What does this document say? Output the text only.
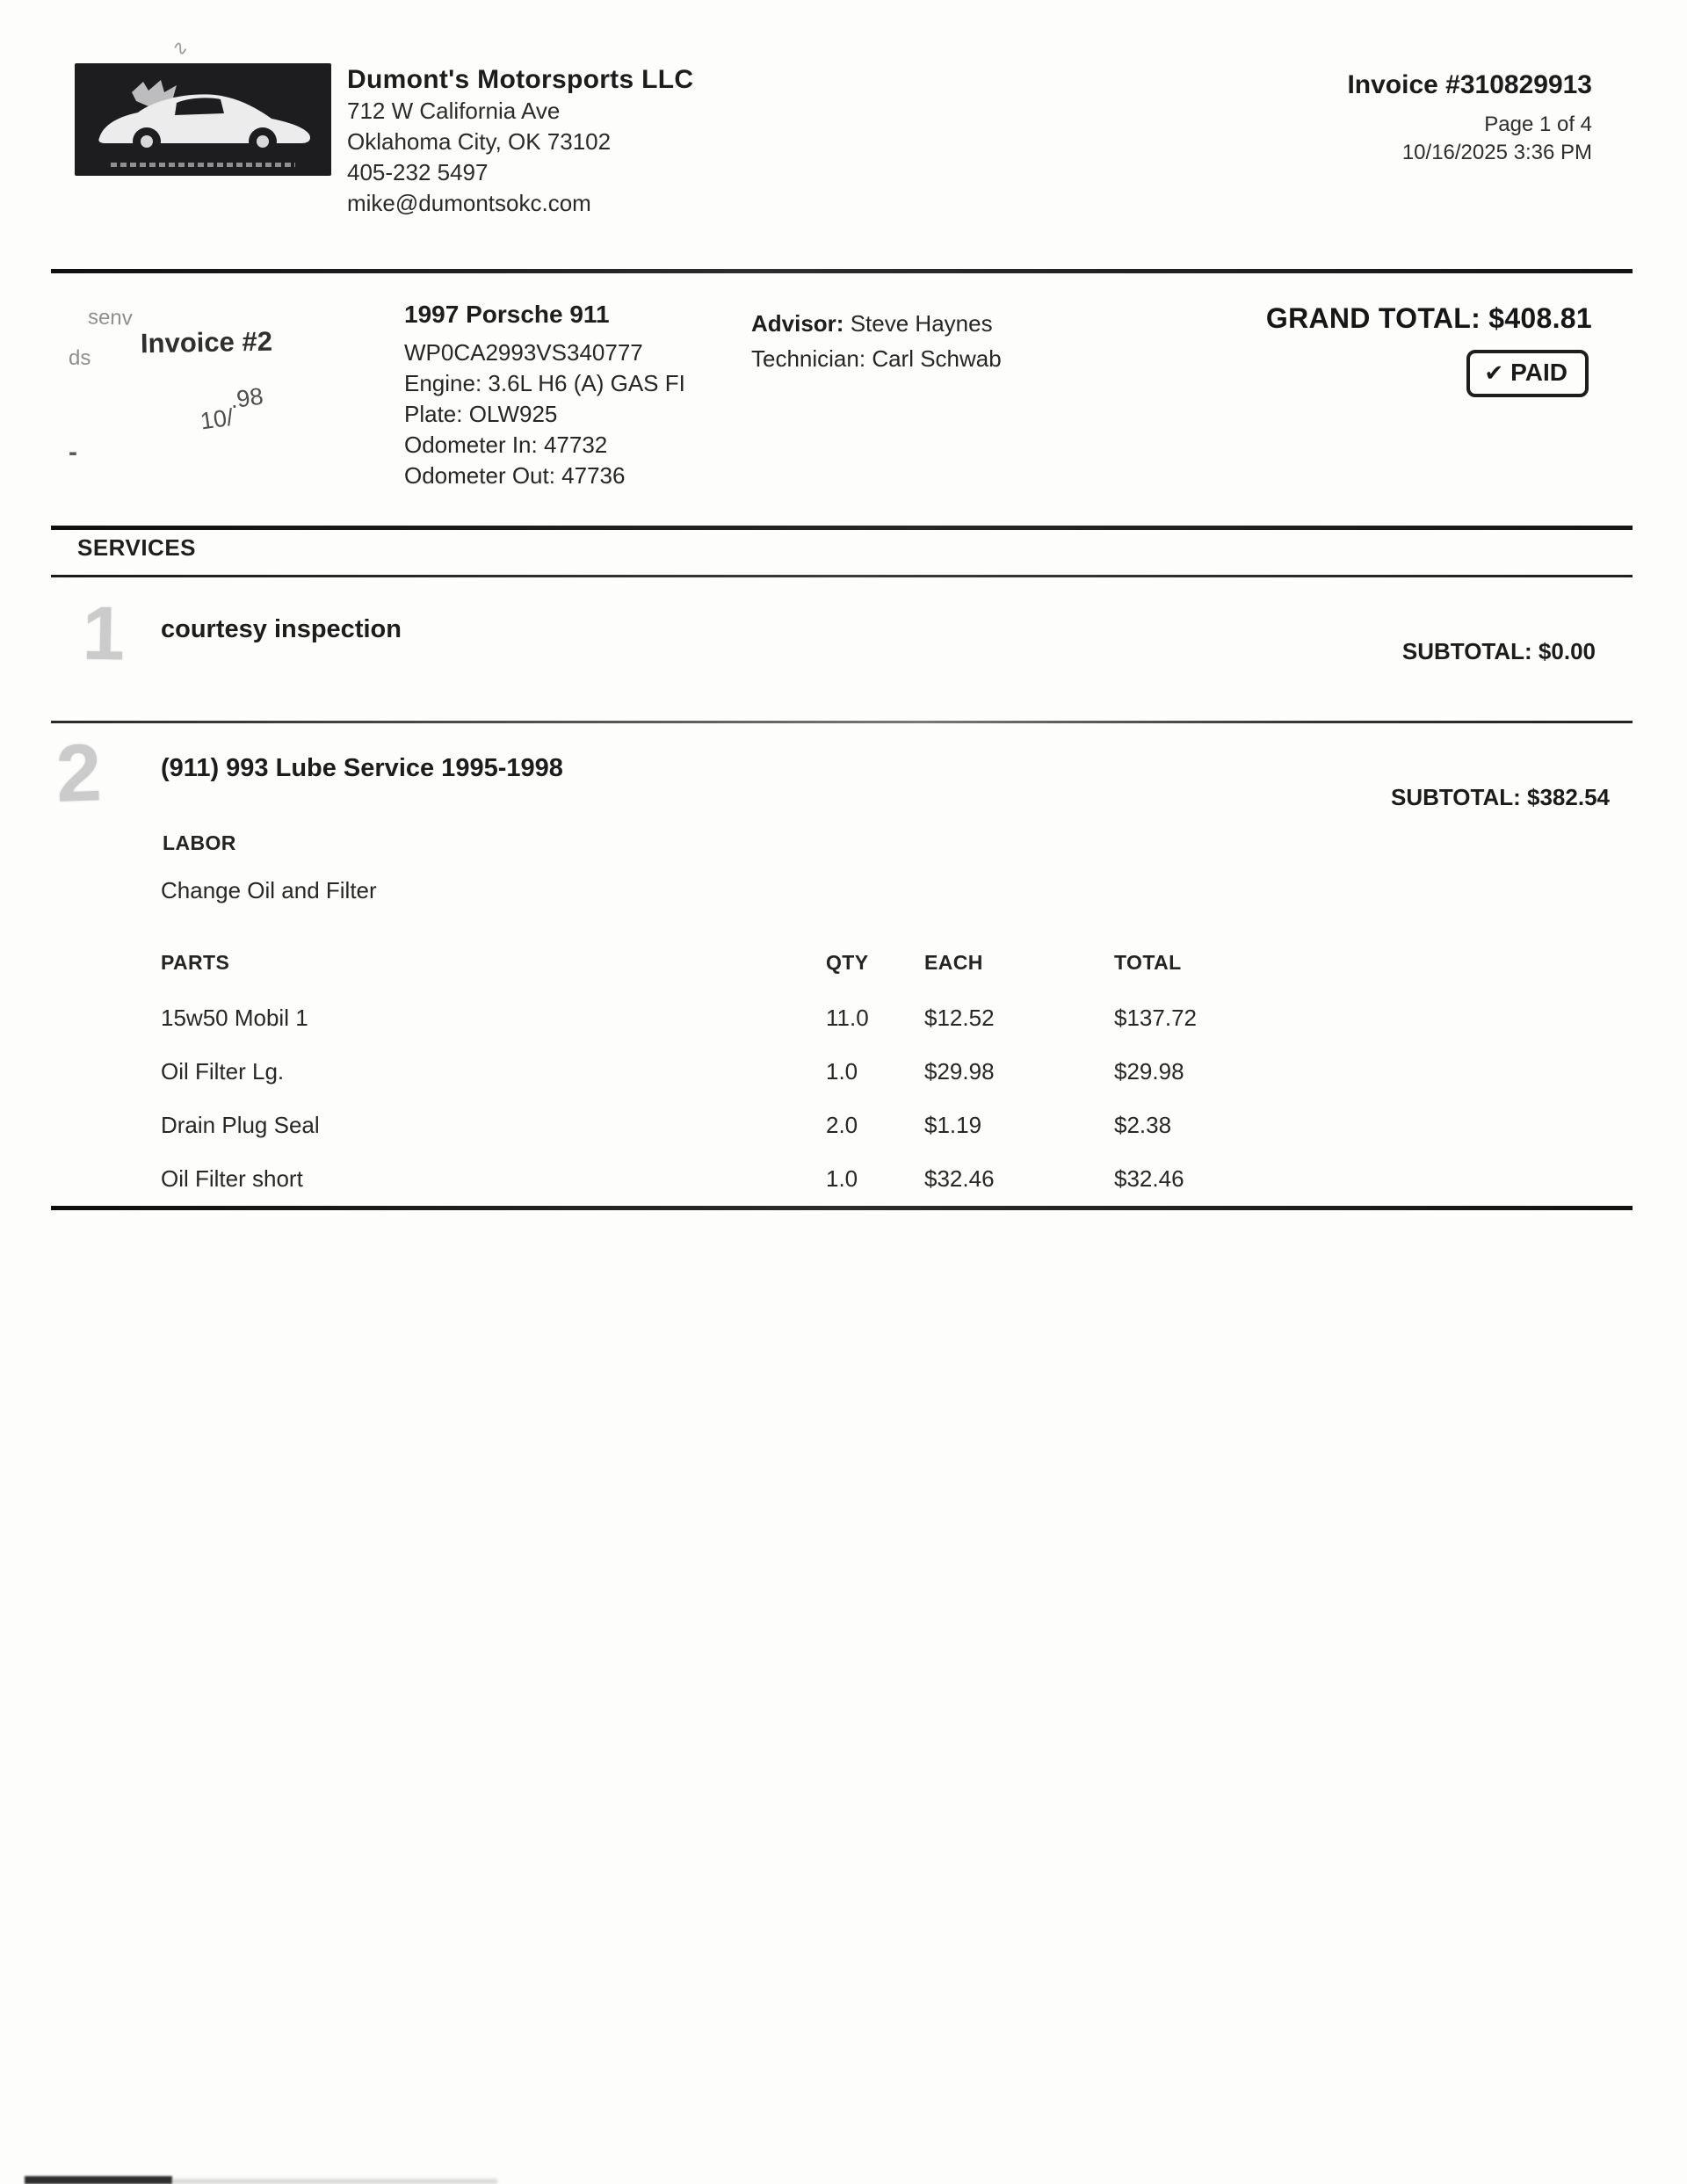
∿
Dumont's Motorsports LLC
712 W California Ave
Oklahoma City, OK 73102
405-232 5497
mike@dumontsokc.com
Invoice #310829913
Page 1 of 4
10/16/2025 3:36 PM
senv
ds Invoice #2
.98
10/
-
1997 Porsche 911
WP0CA2993VS340777
Engine: 3.6L H6 (A) GAS FI
Plate: OLW925
Odometer In: 47732
Odometer Out: 47736
Advisor: Steve Haynes
Technician: Carl Schwab
GRAND TOTAL: $408.81
✔ PAID
SERVICES
1 courtesy inspection
SUBTOTAL: $0.00
2 (911) 993 Lube Service 1995-1998
SUBTOTAL: $382.54
LABOR
Change Oil and Filter
PARTS	QTY	EACH	TOTAL
15w50 Mobil 1	11.0	$12.52	$137.72
Oil Filter Lg.	1.0	$29.98	$29.98
Drain Plug Seal	2.0	$1.19	$2.38
Oil Filter short	1.0	$32.46	$32.46
